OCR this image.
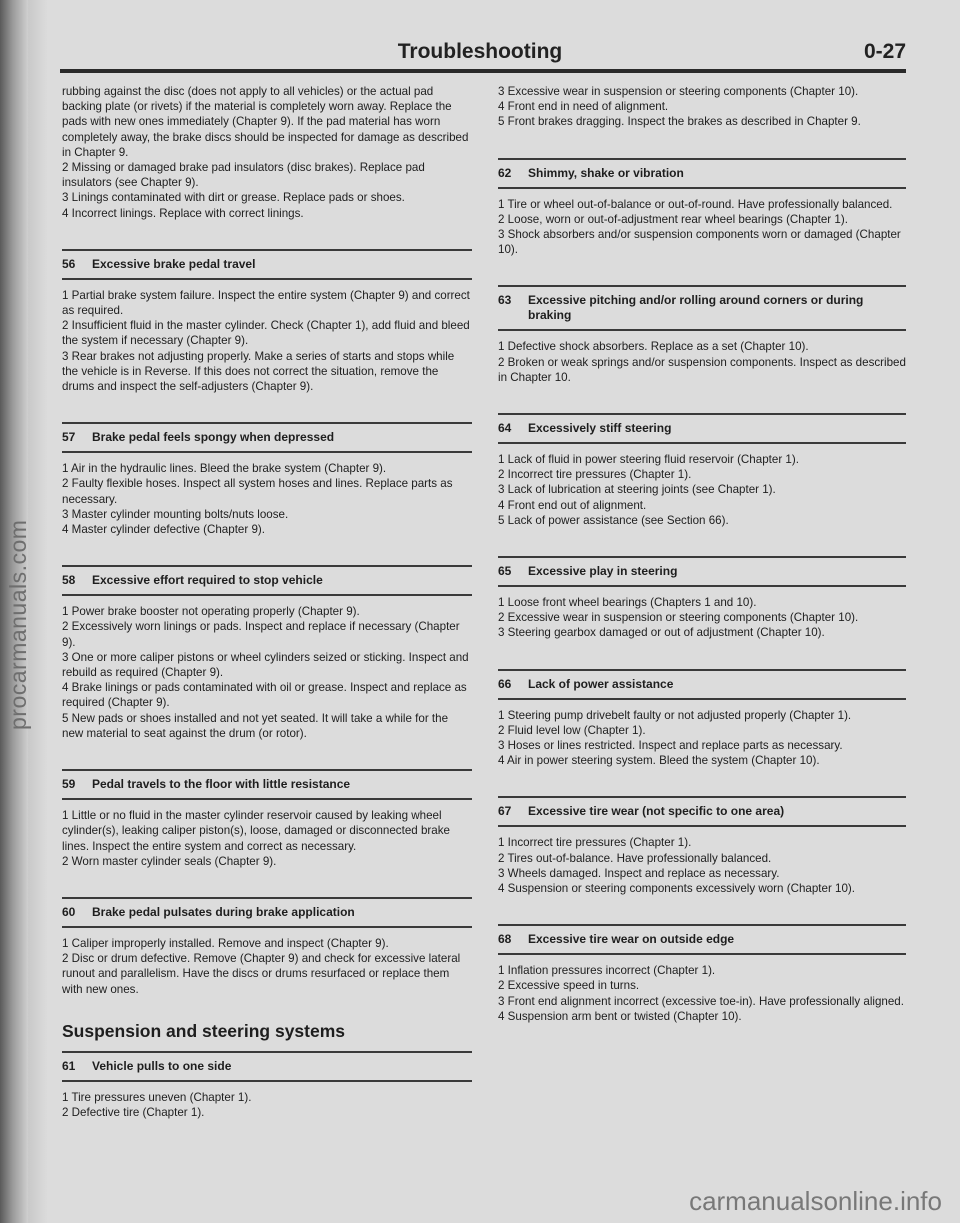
procarmanuals.com
Troubleshooting	0-27

rubbing against the disc (does not apply to all vehicles) or the actual pad backing plate (or rivets) if the material is completely worn away. Replace the pads with new ones immediately (Chapter 9). If the pad material has worn completely away, the brake discs should be inspected for damage as described in Chapter 9.

2 Missing or damaged brake pad insulators (disc brakes). Replace pad insulators (see Chapter 9).

3 Linings contaminated with dirt or grease. Replace pads or shoes.

4 Incorrect linings. Replace with correct linings.

56 Excessive brake pedal travel

1 Partial brake system failure. Inspect the entire system (Chapter 9) and correct as required.

2 Insufficient fluid in the master cylinder. Check (Chapter 1), add fluid and bleed the system if necessary (Chapter 9).

3 Rear brakes not adjusting properly. Make a series of starts and stops while the vehicle is in Reverse. If this does not correct the situation, remove the drums and inspect the self-adjusters (Chapter 9).

57 Brake pedal feels spongy when depressed

1 Air in the hydraulic lines. Bleed the brake system (Chapter 9).

2 Faulty flexible hoses. Inspect all system hoses and lines. Replace parts as necessary.

3 Master cylinder mounting bolts/nuts loose.

4 Master cylinder defective (Chapter 9).

58 Excessive effort required to stop vehicle

1 Power brake booster not operating properly (Chapter 9).

2 Excessively worn linings or pads. Inspect and replace if necessary (Chapter 9).

3 One or more caliper pistons or wheel cylinders seized or sticking. Inspect and rebuild as required (Chapter 9).

4 Brake linings or pads contaminated with oil or grease. Inspect and replace as required (Chapter 9).

5 New pads or shoes installed and not yet seated. It will take a while for the new material to seat against the drum (or rotor).

59 Pedal travels to the floor with little resistance

1 Little or no fluid in the master cylinder reservoir caused by leaking wheel cylinder(s), leaking caliper piston(s), loose, damaged or disconnected brake lines. Inspect the entire system and correct as necessary.

2 Worn master cylinder seals (Chapter 9).

60 Brake pedal pulsates during brake application

1 Caliper improperly installed. Remove and inspect (Chapter 9).

2 Disc or drum defective. Remove (Chapter 9) and check for excessive lateral runout and parallelism. Have the discs or drums resurfaced or replace them with new ones.

Suspension and steering systems
61 Vehicle pulls to one side

1 Tire pressures uneven (Chapter 1).

2 Defective tire (Chapter 1).

3 Excessive wear in suspension or steering components (Chapter 10).

4 Front end in need of alignment.

5 Front brakes dragging. Inspect the brakes as described in Chapter 9.

62 Shimmy, shake or vibration

1 Tire or wheel out-of-balance or out-of-round. Have professionally balanced.

2 Loose, worn or out-of-adjustment rear wheel bearings (Chapter 1).

3 Shock absorbers and/or suspension components worn or damaged (Chapter 10).

63 Excessive pitching and/or rolling around corners or during
braking

1 Defective shock absorbers. Replace as a set (Chapter 10).

2 Broken or weak springs and/or suspension components. Inspect as described in Chapter 10.

64 Excessively stiff steering

1 Lack of fluid in power steering fluid reservoir (Chapter 1).

2 Incorrect tire pressures (Chapter 1).

3 Lack of lubrication at steering joints (see Chapter 1).

4 Front end out of alignment.

5 Lack of power assistance (see Section 66).

65 Excessive play in steering

1 Loose front wheel bearings (Chapters 1 and 10).

2 Excessive wear in suspension or steering components (Chapter 10).

3 Steering gearbox damaged or out of adjustment (Chapter 10).

66 Lack of power assistance

1 Steering pump drivebelt faulty or not adjusted properly (Chapter 1).

2 Fluid level low (Chapter 1).

3 Hoses or lines restricted. Inspect and replace parts as necessary.

4 Air in power steering system. Bleed the system (Chapter 10).

67 Excessive tire wear (not specific to one area)

1 Incorrect tire pressures (Chapter 1).

2 Tires out-of-balance. Have professionally balanced.

3 Wheels damaged. Inspect and replace as necessary.

4 Suspension or steering components excessively worn (Chapter 10).

68 Excessive tire wear on outside edge

1 Inflation pressures incorrect (Chapter 1).

2 Excessive speed in turns.

3 Front end alignment incorrect (excessive toe-in). Have professionally aligned.

4 Suspension arm bent or twisted (Chapter 10).

carmanualsonline.info
